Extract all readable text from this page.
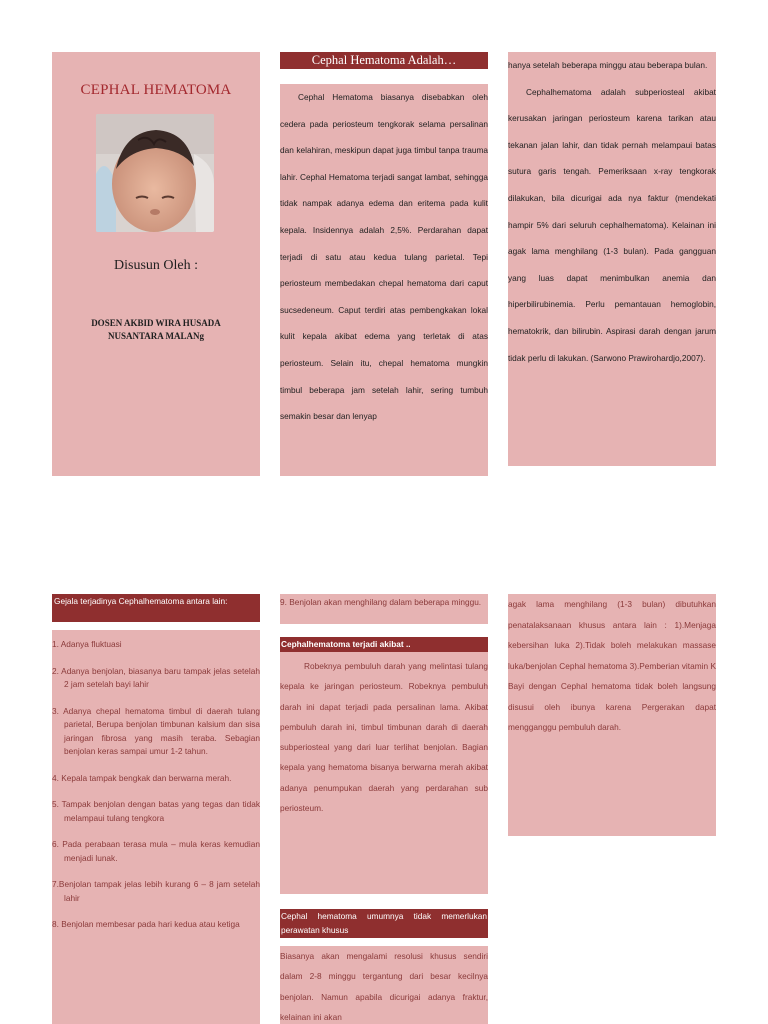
CEPHAL HEMATOMA
Disusun Oleh :
DOSEN AKBID WIRA HUSADA
NUSANTARA MALANg
Cephal Hematoma Adalah…

Cephal Hematoma biasanya disebabkan oleh cedera pada periosteum tengkorak selama persalinan dan kelahiran, meskipun dapat juga timbul tanpa trauma lahir. Cephal Hematoma terjadi sangat lambat, sehingga tidak nampak adanya edema dan eritema pada kulit kepala. Insidennya adalah 2,5%. Perdarahan dapat terjadi di satu atau kedua tulang parietal. Tepi periosteum membedakan chepal hematoma dari caput sucsedeneum. Caput terdiri atas pembengkakan lokal kulit kepala akibat edema yang terletak di atas periosteum. Selain itu, chepal hematoma mungkin timbul beberapa jam setelah lahir, sering tumbuh semakin besar dan lenyap

hanya setelah beberapa minggu atau beberapa bulan.

Cephalhematoma adalah subperiosteal akibat kerusakan jaringan periosteum karena tarikan atau tekanan jalan lahir, dan tidak pernah melampaui batas sutura garis tengah. Pemeriksaan x-ray tengkorak dilakukan, bila dicurigai ada nya faktur (mendekati hampir 5% dari seluruh cephalhematoma). Kelainan ini agak lama menghilang (1-3 bulan). Pada gangguan yang luas dapat menimbulkan anemia dan hiperbilirubinemia. Perlu pemantauan hemoglobin, hematokrik, dan bilirubin. Aspirasi darah dengan jarum tidak perlu di lakukan. (Sarwono Prawirohardjo,2007).

Gejala terjadinya Cephalhematoma antara lain:
1. Adanya fluktuasi
2. Adanya benjolan, biasanya baru tampak jelas setelah 2 jam setelah bayi lahir
3. Adanya chepal hematoma timbul di daerah tulang parietal, Berupa benjolan timbunan kalsium dan sisa jaringan fibrosa yang masih teraba. Sebagian benjolan keras sampai umur 1-2 tahun.
4. Kepala tampak bengkak dan berwarna merah.
5. Tampak benjolan dengan batas yang tegas dan tidak melampaui tulang tengkora
6. Pada perabaan terasa mula – mula keras kemudian menjadi lunak.
7.Benjolan tampak jelas lebih kurang 6 – 8 jam setelah lahir
8. Benjolan membesar pada hari kedua atau ketiga

9. Benjolan akan menghilang dalam beberapa minggu.

Cephalhematoma terjadi akibat ..

Robeknya pembuluh darah yang melintasi tulang kepala ke jaringan periosteum. Robeknya pembuluh darah ini dapat terjadi pada persalinan lama. Akibat pembuluh darah ini, timbul timbunan darah di daerah subperiosteal yang dari luar terlihat benjolan. Bagian kepala yang hematoma bisanya berwarna merah akibat adanya penumpukan daerah yang perdarahan sub periosteum.

Cephal hematoma umumnya tidak memerlukan perawatan khusus

Biasanya akan mengalami resolusi khusus sendiri dalam 2-8 minggu tergantung dari besar kecilnya benjolan. Namun apabila dicurigai adanya fraktur, kelainan ini akan

agak lama menghilang (1-3 bulan) dibutuhkan penatalaksanaan khusus antara lain : 1).Menjaga kebersihan luka 2).Tidak boleh melakukan massase luka/benjolan Cephal hematoma 3).Pemberian vitamin K Bayi dengan Cephal hematoma tidak boleh langsung disusui oleh ibunya karena Pergerakan dapat mengganggu pembuluh darah.
